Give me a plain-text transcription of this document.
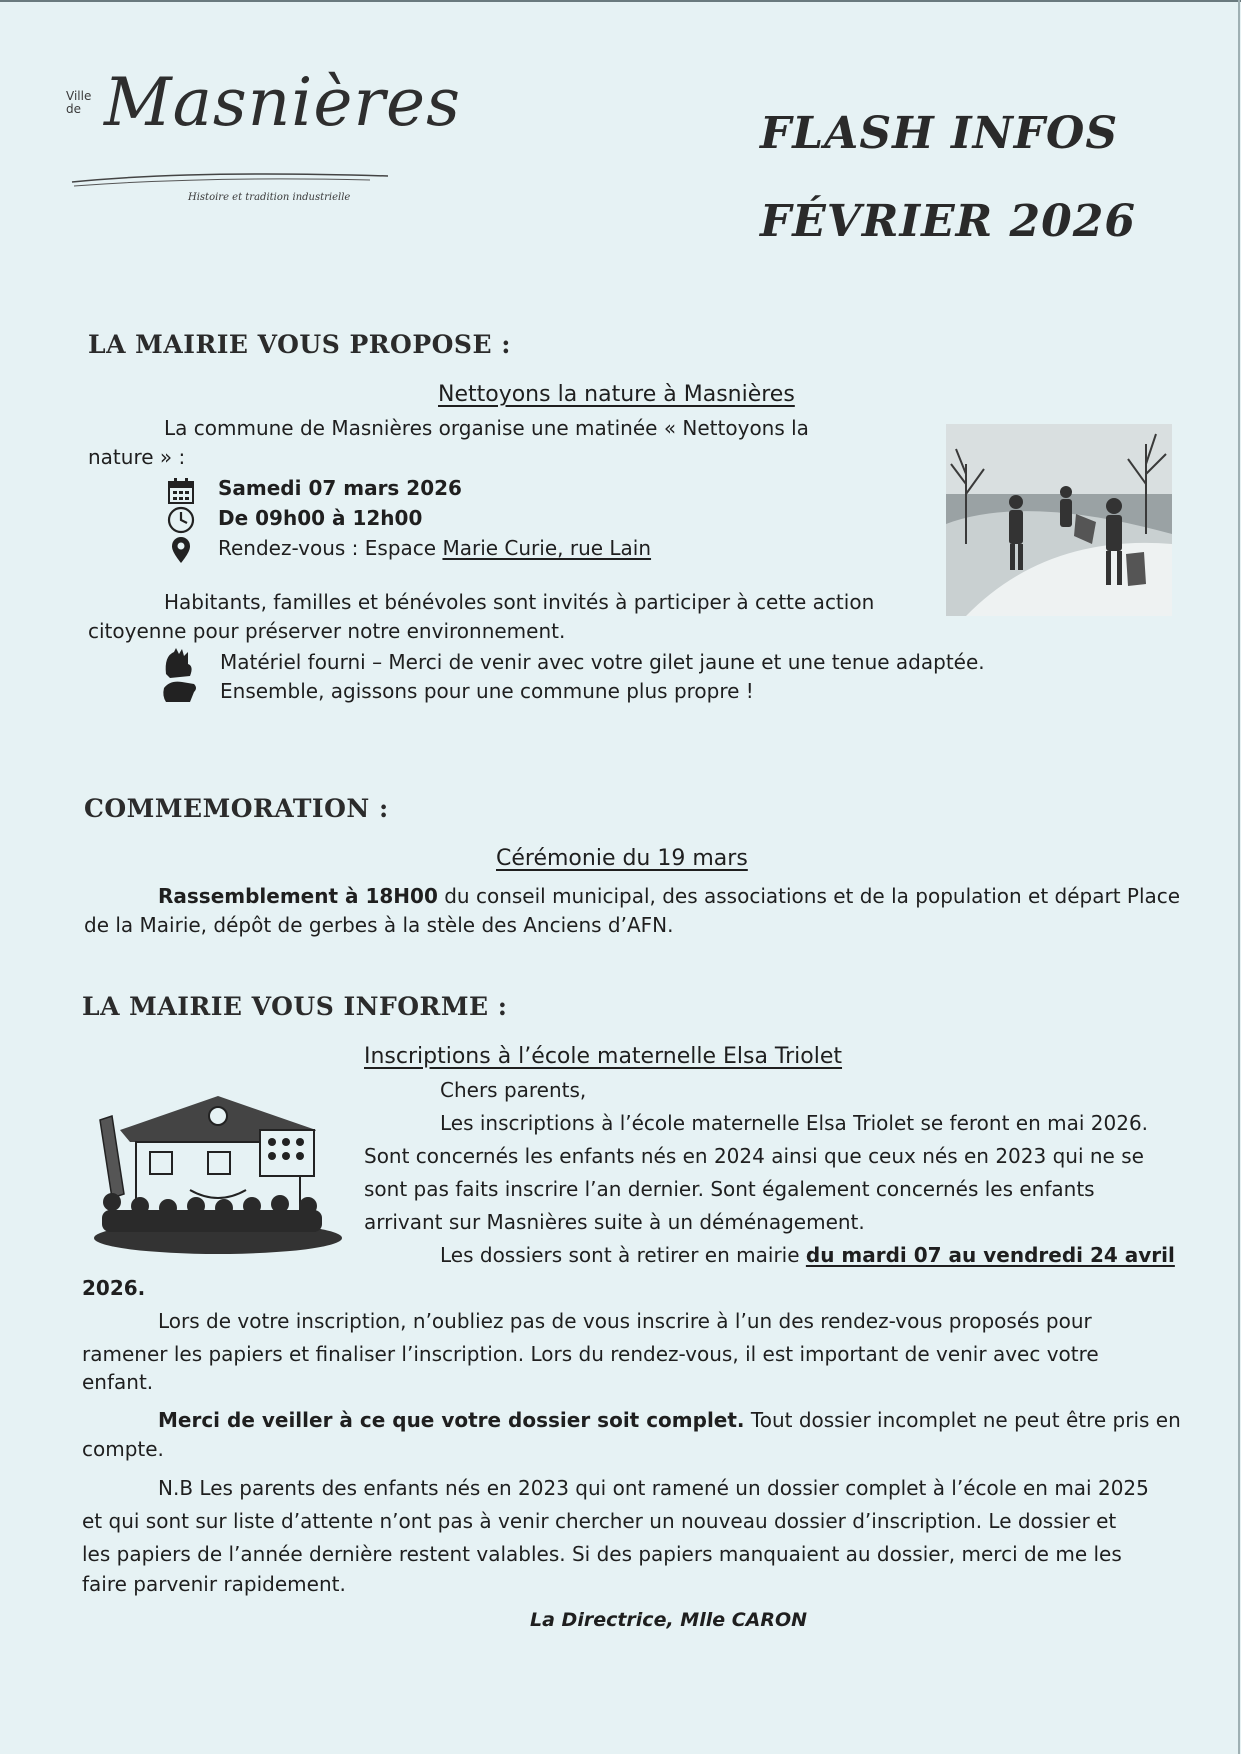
Ville de Masnières
Histoire et tradition industrielle
FLASH INFOS
FÉVRIER 2026
LA MAIRIE VOUS PROPOSE :
Nettoyons la nature à Masnières
La commune de Masnières organise une matinée « Nettoyons la
nature » :
Samedi 07 mars 2026
De 09h00 à 12h00
Rendez-vous : Espace Marie Curie, rue Lain
Habitants, familles et bénévoles sont invités à participer à cette action
citoyenne pour préserver notre environnement.
Matériel fourni – Merci de venir avec votre gilet jaune et une tenue adaptée.
Ensemble, agissons pour une commune plus propre !
COMMEMORATION :
Cérémonie du 19 mars
Rassemblement à 18H00 du conseil municipal, des associations et de la population et départ Place
de la Mairie, dépôt de gerbes à la stèle des Anciens d’AFN.
LA MAIRIE VOUS INFORME :
Inscriptions à l’école maternelle Elsa Triolet
Chers parents,
Les inscriptions à l’école maternelle Elsa Triolet se feront en mai 2026.
Sont concernés les enfants nés en 2024 ainsi que ceux nés en 2023 qui ne se
sont pas faits inscrire l’an dernier. Sont également concernés les enfants
arrivant sur Masnières suite à un déménagement.
Les dossiers sont à retirer en mairie du mardi 07 au vendredi 24 avril
2026.
Lors de votre inscription, n’oubliez pas de vous inscrire à l’un des rendez-vous proposés pour
ramener les papiers et finaliser l’inscription. Lors du rendez-vous, il est important de venir avec votre
enfant.
Merci de veiller à ce que votre dossier soit complet. Tout dossier incomplet ne peut être pris en
compte.
N.B Les parents des enfants nés en 2023 qui ont ramené un dossier complet à l’école en mai 2025
et qui sont sur liste d’attente n’ont pas à venir chercher un nouveau dossier d’inscription. Le dossier et
les papiers de l’année dernière restent valables. Si des papiers manquaient au dossier, merci de me les
faire parvenir rapidement.
La Directrice, Mlle CARON
